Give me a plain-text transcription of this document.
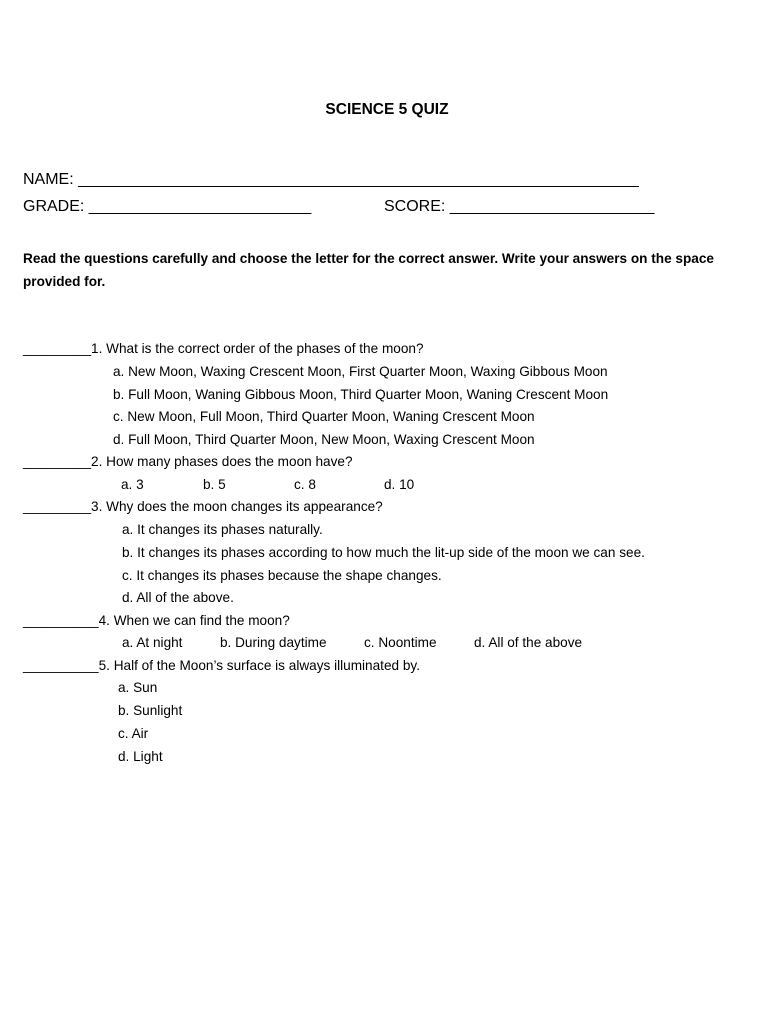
SCIENCE 5 QUIZ
NAME: _______________________________________________________________
GRADE: _________________________	SCORE: _______________________
Read the questions carefully and choose the letter for the correct answer. Write your answers on the space provided for.
_________1. What is the correct order of the phases of the moon?
a. New Moon, Waxing Crescent Moon, First Quarter Moon, Waxing Gibbous Moon
b. Full Moon, Waning Gibbous Moon, Third Quarter Moon, Waning Crescent Moon
c. New Moon, Full Moon, Third Quarter Moon, Waning Crescent Moon
d. Full Moon, Third Quarter Moon, New Moon, Waxing Crescent Moon
_________2. How many phases does the moon have?
a. 3	b. 5	c. 8	d. 10
_________3. Why does the moon changes its appearance?
a. It changes its phases naturally.
b. It changes its phases according to how much the lit-up side of the moon we can see.
c. It changes its phases because the shape changes.
d. All of the above.
__________4. When we can find the moon?
a. At night	b. During daytime	c. Noontime	d. All of the above
__________5. Half of the Moon’s surface is always illuminated by.
a. Sun
b. Sunlight
c. Air
d. Light
